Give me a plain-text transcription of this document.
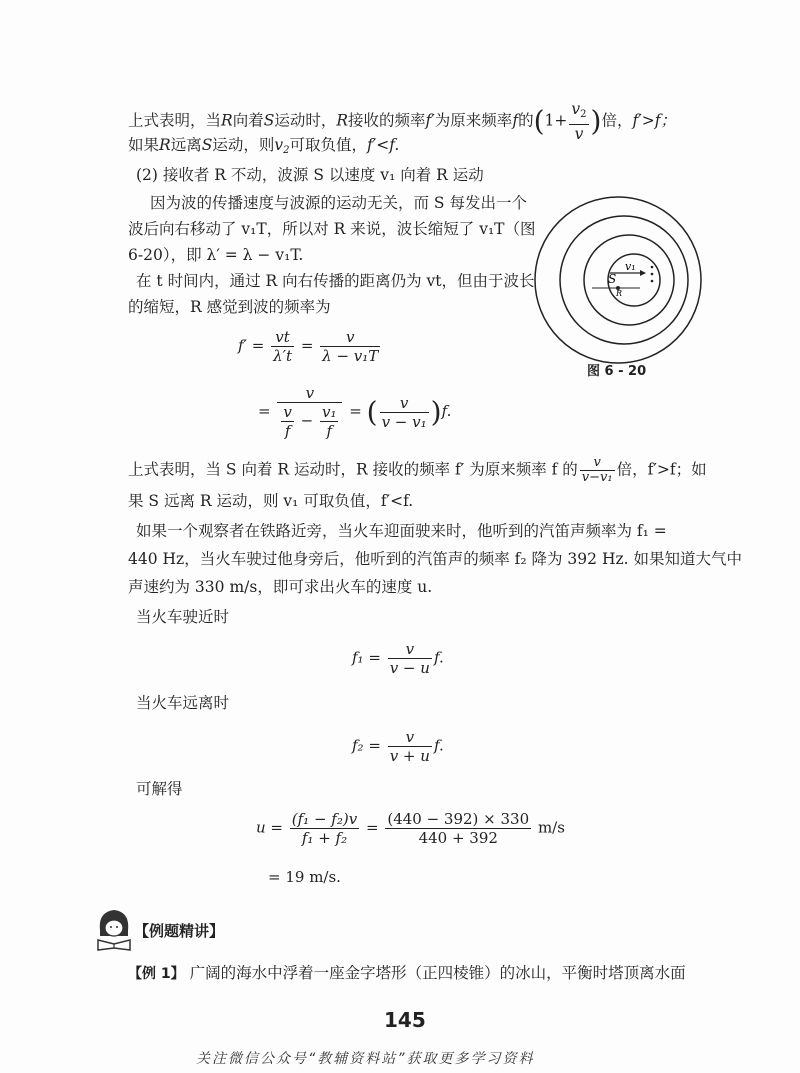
上式表明，当R向着S运动时，R接收的频率f′为原来频率f的($1+ \frac{v_2}{v}$ )倍，f′>f；
如果R远离S运动，则$v_2$可取负值，f′<f.
(2) 接收者 R 不动，波源 S 以速度 v₁ 向着 R 运动
因为波的传播速度与波源的运动无关，而 S 每发出一个
波后向右移动了 v₁T，所以对 R 来说，波长缩短了 v₁T（图
6-20），即 λ′ = λ − v₁T.
在 t 时间内，通过 R 向右传播的距离仍为 vt，但由于波长
的缩短，R 感觉到波的频率为
S
v₁
R
图 6 - 20
$f' = \frac{vt}{\lambda't} = \frac{v}{\text{λ − v₁T}}$
= $\frac{v}{\frac{v}{f} - \frac{\text{v₁}}{f}}$ = ( $\frac{v}{\text{v − v₁}} )f$.
上式表明，当 S 向着 R 运动时，R 接收的频率 f′ 为原来频率 f 的 $\frac{v}{\text{v−v₁}}$ 倍，f′>f；如
果 S 远离 R 运动，则 v₁ 可取负值，f′<f.
如果一个观察者在铁路近旁，当火车迎面驶来时，他听到的汽笛声频率为 f₁ =
440 Hz，当火车驶过他身旁后，他听到的汽笛声的频率 f₂ 降为 392 Hz. 如果知道大气中
声速约为 330 m/s，即可求出火车的速度 u.
当火车驶近时
$f_1 = \frac{v}{v - u} f$.
当火车远离时
$f_2 = \frac{v}{v + u} f$.
可解得
$u = \frac{\text{(f₁ − f₂)v}}{\text{f₁ + f₂}} = \frac{(440 - 392) \times 330}{440 + 392} m/s$
= 19 m/s.
【例题精讲】
【例 1】 广阔的海水中浮着一座金字塔形（正四棱锥）的冰山，平衡时塔顶离水面
145
关注微信公众号“教辅资料站”获取更多学习资料
